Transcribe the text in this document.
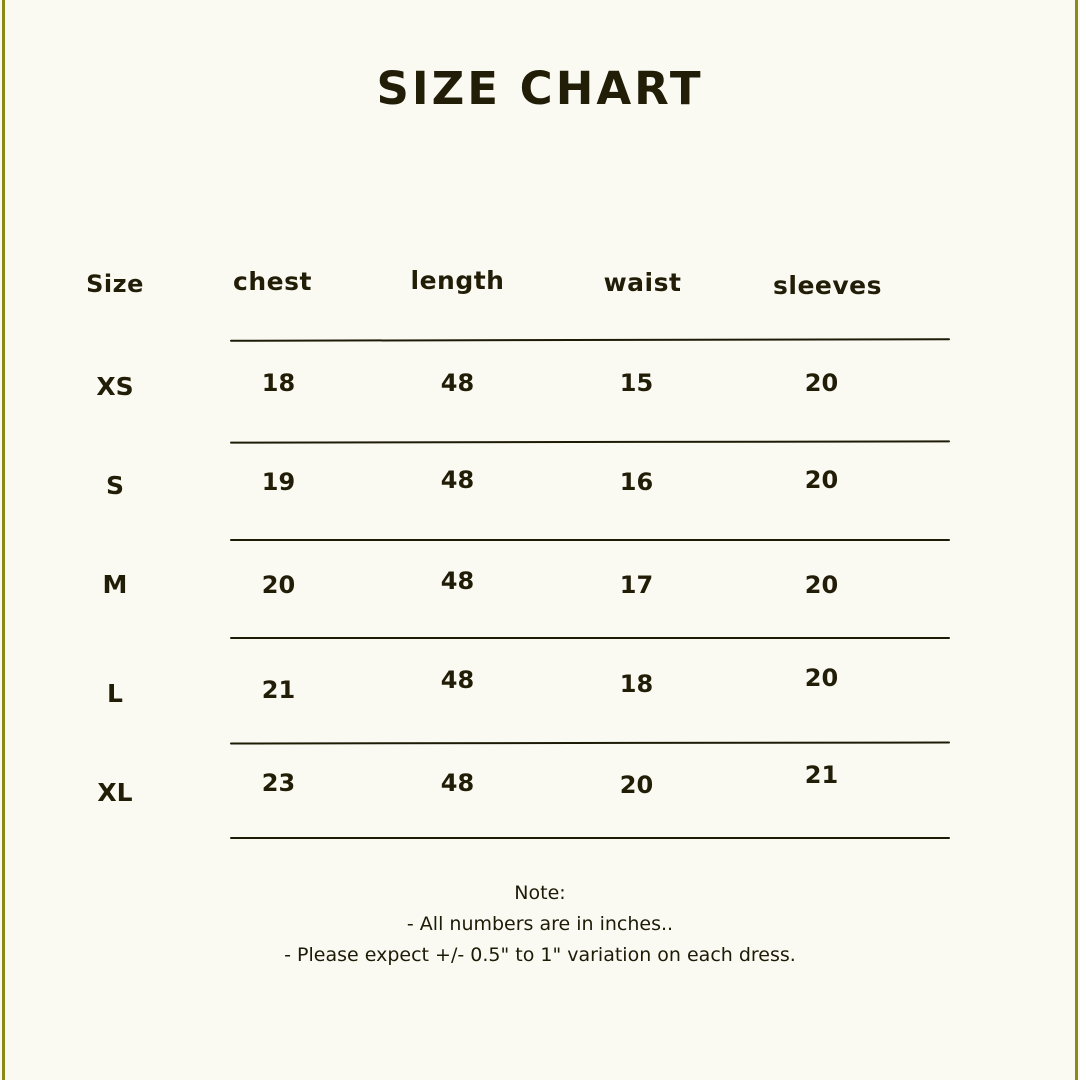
SIZE CHART
Size	chest	length	waist	sleeves
XS	18	48	15	20
S	19	48	16	20
M	20	48	17	20
L	21	48	18	20
XL	23	48	20	21
Note:
- All numbers are in inches..
- Please expect +/- 0.5" to 1" variation on each dress.
